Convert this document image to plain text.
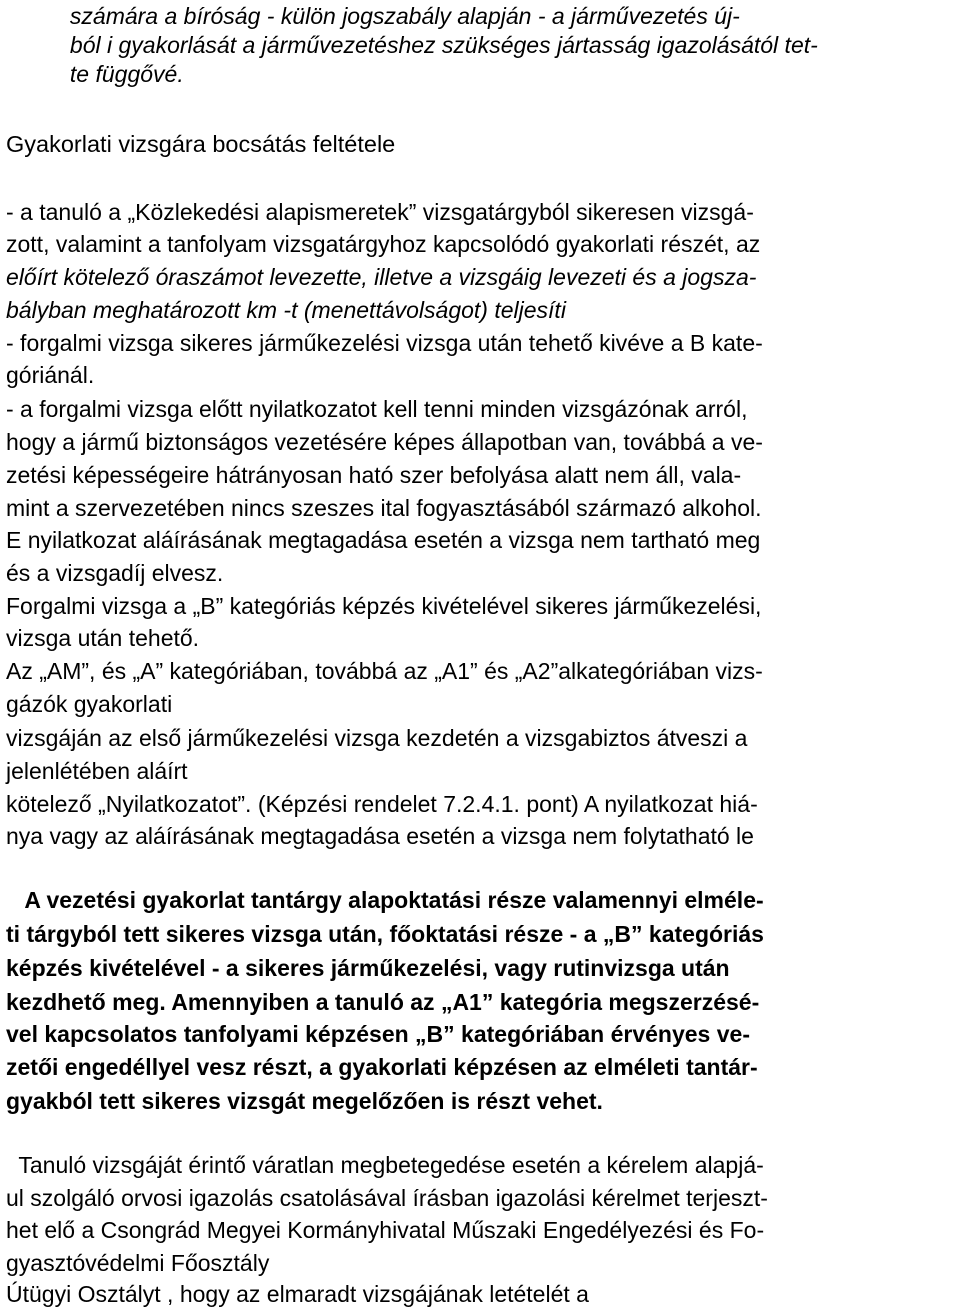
számára a bíróság - külön jogszabály alapján - a járművezetés új-
ból i gyakorlását a járművezetéshez szükséges jártasság igazolásától tet-
te függővé.
Gyakorlati vizsgára bocsátás feltétele
- a tanuló a „Közlekedési alapismeretek” vizsgatárgyból sikeresen vizsgá-
zott, valamint a tanfolyam vizsgatárgyhoz kapcsolódó gyakorlati részét, az
előírt kötelező óraszámot levezette, illetve a vizsgáig levezeti és a jogsza-
bályban meghatározott km -t (menettávolságot) teljesíti
- forgalmi vizsga sikeres járműkezelési vizsga után tehető kivéve a B kate-
góriánál.
- a forgalmi vizsga előtt nyilatkozatot kell tenni minden vizsgázónak arról,
hogy a jármű biztonságos vezetésére képes állapotban van, továbbá a ve-
zetési képességeire hátrányosan ható szer befolyása alatt nem áll, vala-
mint a szervezetében nincs szeszes ital fogyasztásából származó alkohol.
E nyilatkozat aláírásának megtagadása esetén a vizsga nem tartható meg
és a vizsgadíj elvesz.
Forgalmi vizsga a „B” kategóriás képzés kivételével sikeres járműkezelési,
vizsga után tehető.
Az „AM”, és „A” kategóriában, továbbá az „A1” és „A2”alkategóriában vizs-
gázók gyakorlati
vizsgáján az első járműkezelési vizsga kezdetén a vizsgabiztos átveszi a
jelenlétében aláírt
kötelező „Nyilatkozatot”. (Képzési rendelet 7.2.4.1. pont) A nyilatkozat hiá-
nya vagy az aláírásának megtagadása esetén a vizsga nem folytatható le
A vezetési gyakorlat tantárgy alapoktatási része valamennyi elméle-
ti tárgyból tett sikeres vizsga után, főoktatási része - a „B” kategóriás
képzés kivételével - a sikeres járműkezelési, vagy rutinvizsga után
kezdhető meg. Amennyiben a tanuló az „A1” kategória megszerzésé-
vel kapcsolatos tanfolyami képzésen „B” kategóriában érvényes ve-
zetői engedéllyel vesz részt, a gyakorlati képzésen az elméleti tantár-
gyakból tett sikeres vizsgát megelőzően is részt vehet.
Tanuló vizsgáját érintő váratlan megbetegedése esetén a kérelem alapjá-
ul szolgáló orvosi igazolás csatolásával írásban igazolási kérelmet terjeszt-
het elő a Csongrád Megyei Kormányhivatal Műszaki Engedélyezési és Fo-
gyasztóvédelmi Főosztály
Útügyi Osztályt , hogy az elmaradt vizsgájának letételét a
